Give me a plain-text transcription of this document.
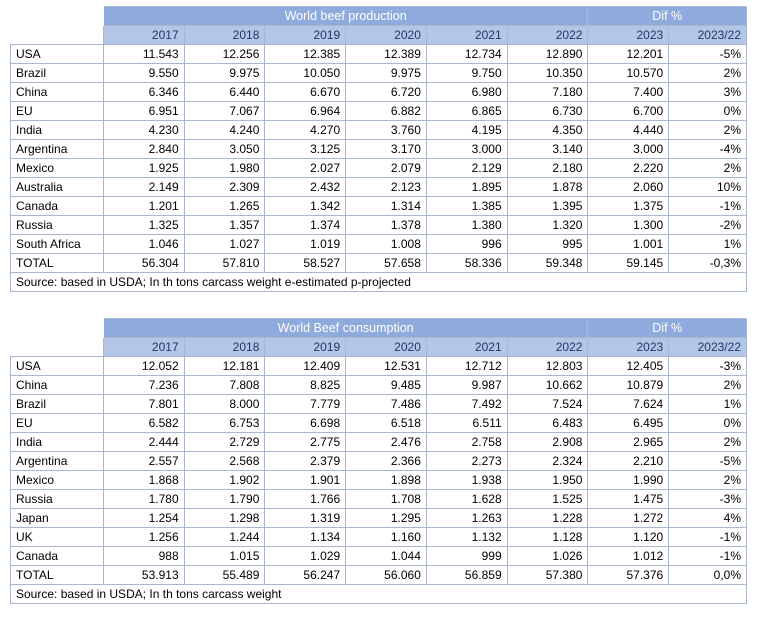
	World beef production						Dif %	
	2017	2018	2019	2020	2021	2022	2023	2023/22
USA	11.543	12.256	12.385	12.389	12.734	12.890	12.201	-5%
Brazil	9.550	9.975	10.050	9.975	9.750	10.350	10.570	2%
China	6.346	6.440	6.670	6.720	6.980	7.180	7.400	3%
EU	6.951	7.067	6.964	6.882	6.865	6.730	6.700	0%
India	4.230	4.240	4.270	3.760	4.195	4.350	4.440	2%
Argentina	2.840	3.050	3.125	3.170	3.000	3.140	3.000	-4%
Mexico	1.925	1.980	2.027	2.079	2.129	2.180	2.220	2%
Australia	2.149	2.309	2.432	2.123	1.895	1.878	2.060	10%
Canada	1.201	1.265	1.342	1.314	1.385	1.395	1.375	-1%
Russia	1.325	1.357	1.374	1.378	1.380	1.320	1.300	-2%
South Africa	1.046	1.027	1.019	1.008	996	995	1.001	1%
TOTAL	56.304	57.810	58.527	57.658	58.336	59.348	59.145	-0,3%
Source: based in USDA; In th tons carcass weight e-estimated p-projected								
	World Beef consumption						Dif %	
	2017	2018	2019	2020	2021	2022	2023	2023/22
USA	12.052	12.181	12.409	12.531	12.712	12.803	12.405	-3%
China	7.236	7.808	8.825	9.485	9.987	10.662	10.879	2%
Brazil	7.801	8.000	7.779	7.486	7.492	7.524	7.624	1%
EU	6.582	6.753	6.698	6.518	6.511	6.483	6.495	0%
India	2.444	2.729	2.775	2.476	2.758	2.908	2.965	2%
Argentina	2.557	2.568	2.379	2.366	2.273	2.324	2.210	-5%
Mexico	1.868	1.902	1.901	1.898	1.938	1.950	1.990	2%
Russia	1.780	1.790	1.766	1.708	1.628	1.525	1.475	-3%
Japan	1.254	1.298	1.319	1.295	1.263	1.228	1.272	4%
UK	1.256	1.244	1.134	1.160	1.132	1.128	1.120	-1%
Canada	988	1.015	1.029	1.044	999	1.026	1.012	-1%
TOTAL	53.913	55.489	56.247	56.060	56.859	57.380	57.376	0,0%
Source: based in USDA; In th tons carcass weight								
